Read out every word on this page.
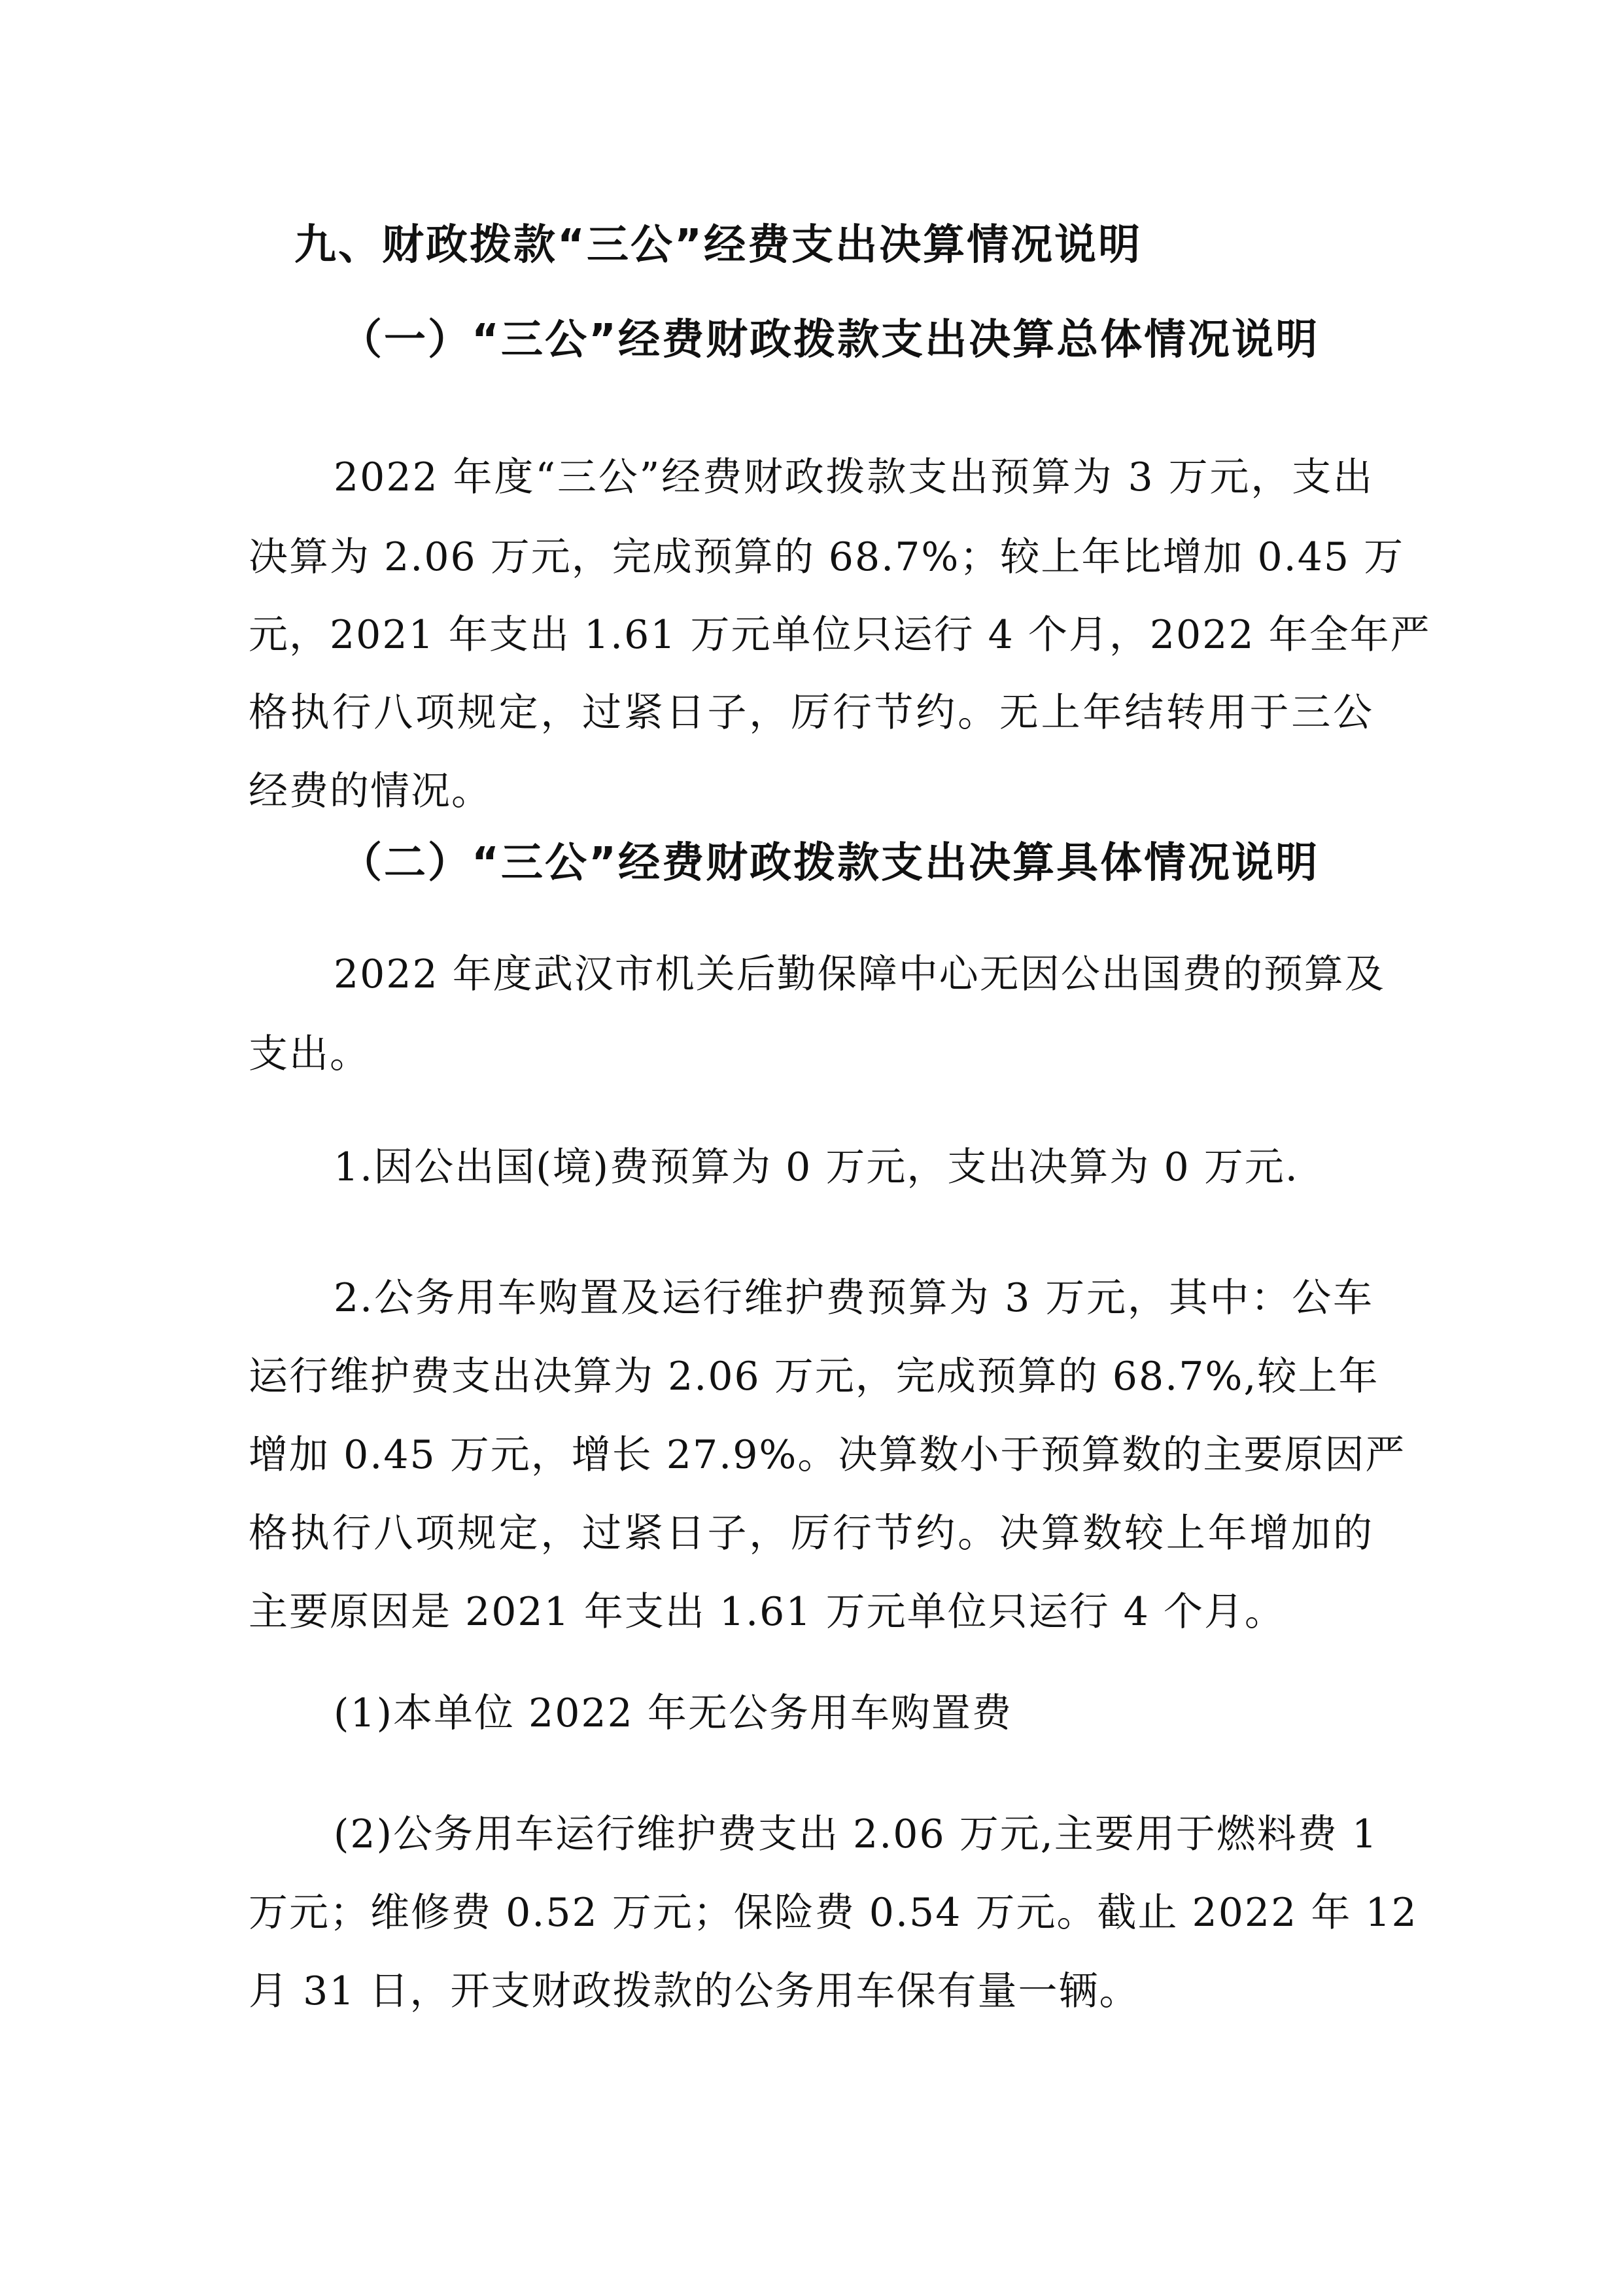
九、财政拨款“三公”经费支出决算情况说明
（一）“三公”经费财政拨款支出决算总体情况说明
2022 年度“三公”经费财政拨款支出预算为 3 万元，支出
决算为 2.06 万元，完成预算的 68.7%；较上年比增加 0.45 万
元，2021 年支出 1.61 万元单位只运行 4 个月，2022 年全年严
格执行八项规定，过紧日子，厉行节约。无上年结转用于三公
经费的情况。
（二）“三公”经费财政拨款支出决算具体情况说明
2022 年度武汉市机关后勤保障中心无因公出国费的预算及
支出。
1.因公出国(境)费预算为 0 万元，支出决算为 0 万元.
2.公务用车购置及运行维护费预算为 3 万元，其中：公车
运行维护费支出决算为 2.06 万元，完成预算的 68.7%,较上年
增加 0.45 万元，增长 27.9%。决算数小于预算数的主要原因严
格执行八项规定，过紧日子，厉行节约。决算数较上年增加的
主要原因是 2021 年支出 1.61 万元单位只运行 4 个月。
(1)本单位 2022 年无公务用车购置费
(2)公务用车运行维护费支出 2.06 万元,主要用于燃料费 1
万元；维修费 0.52 万元；保险费 0.54 万元。截止 2022 年 12
月 31 日，开支财政拨款的公务用车保有量一辆。
